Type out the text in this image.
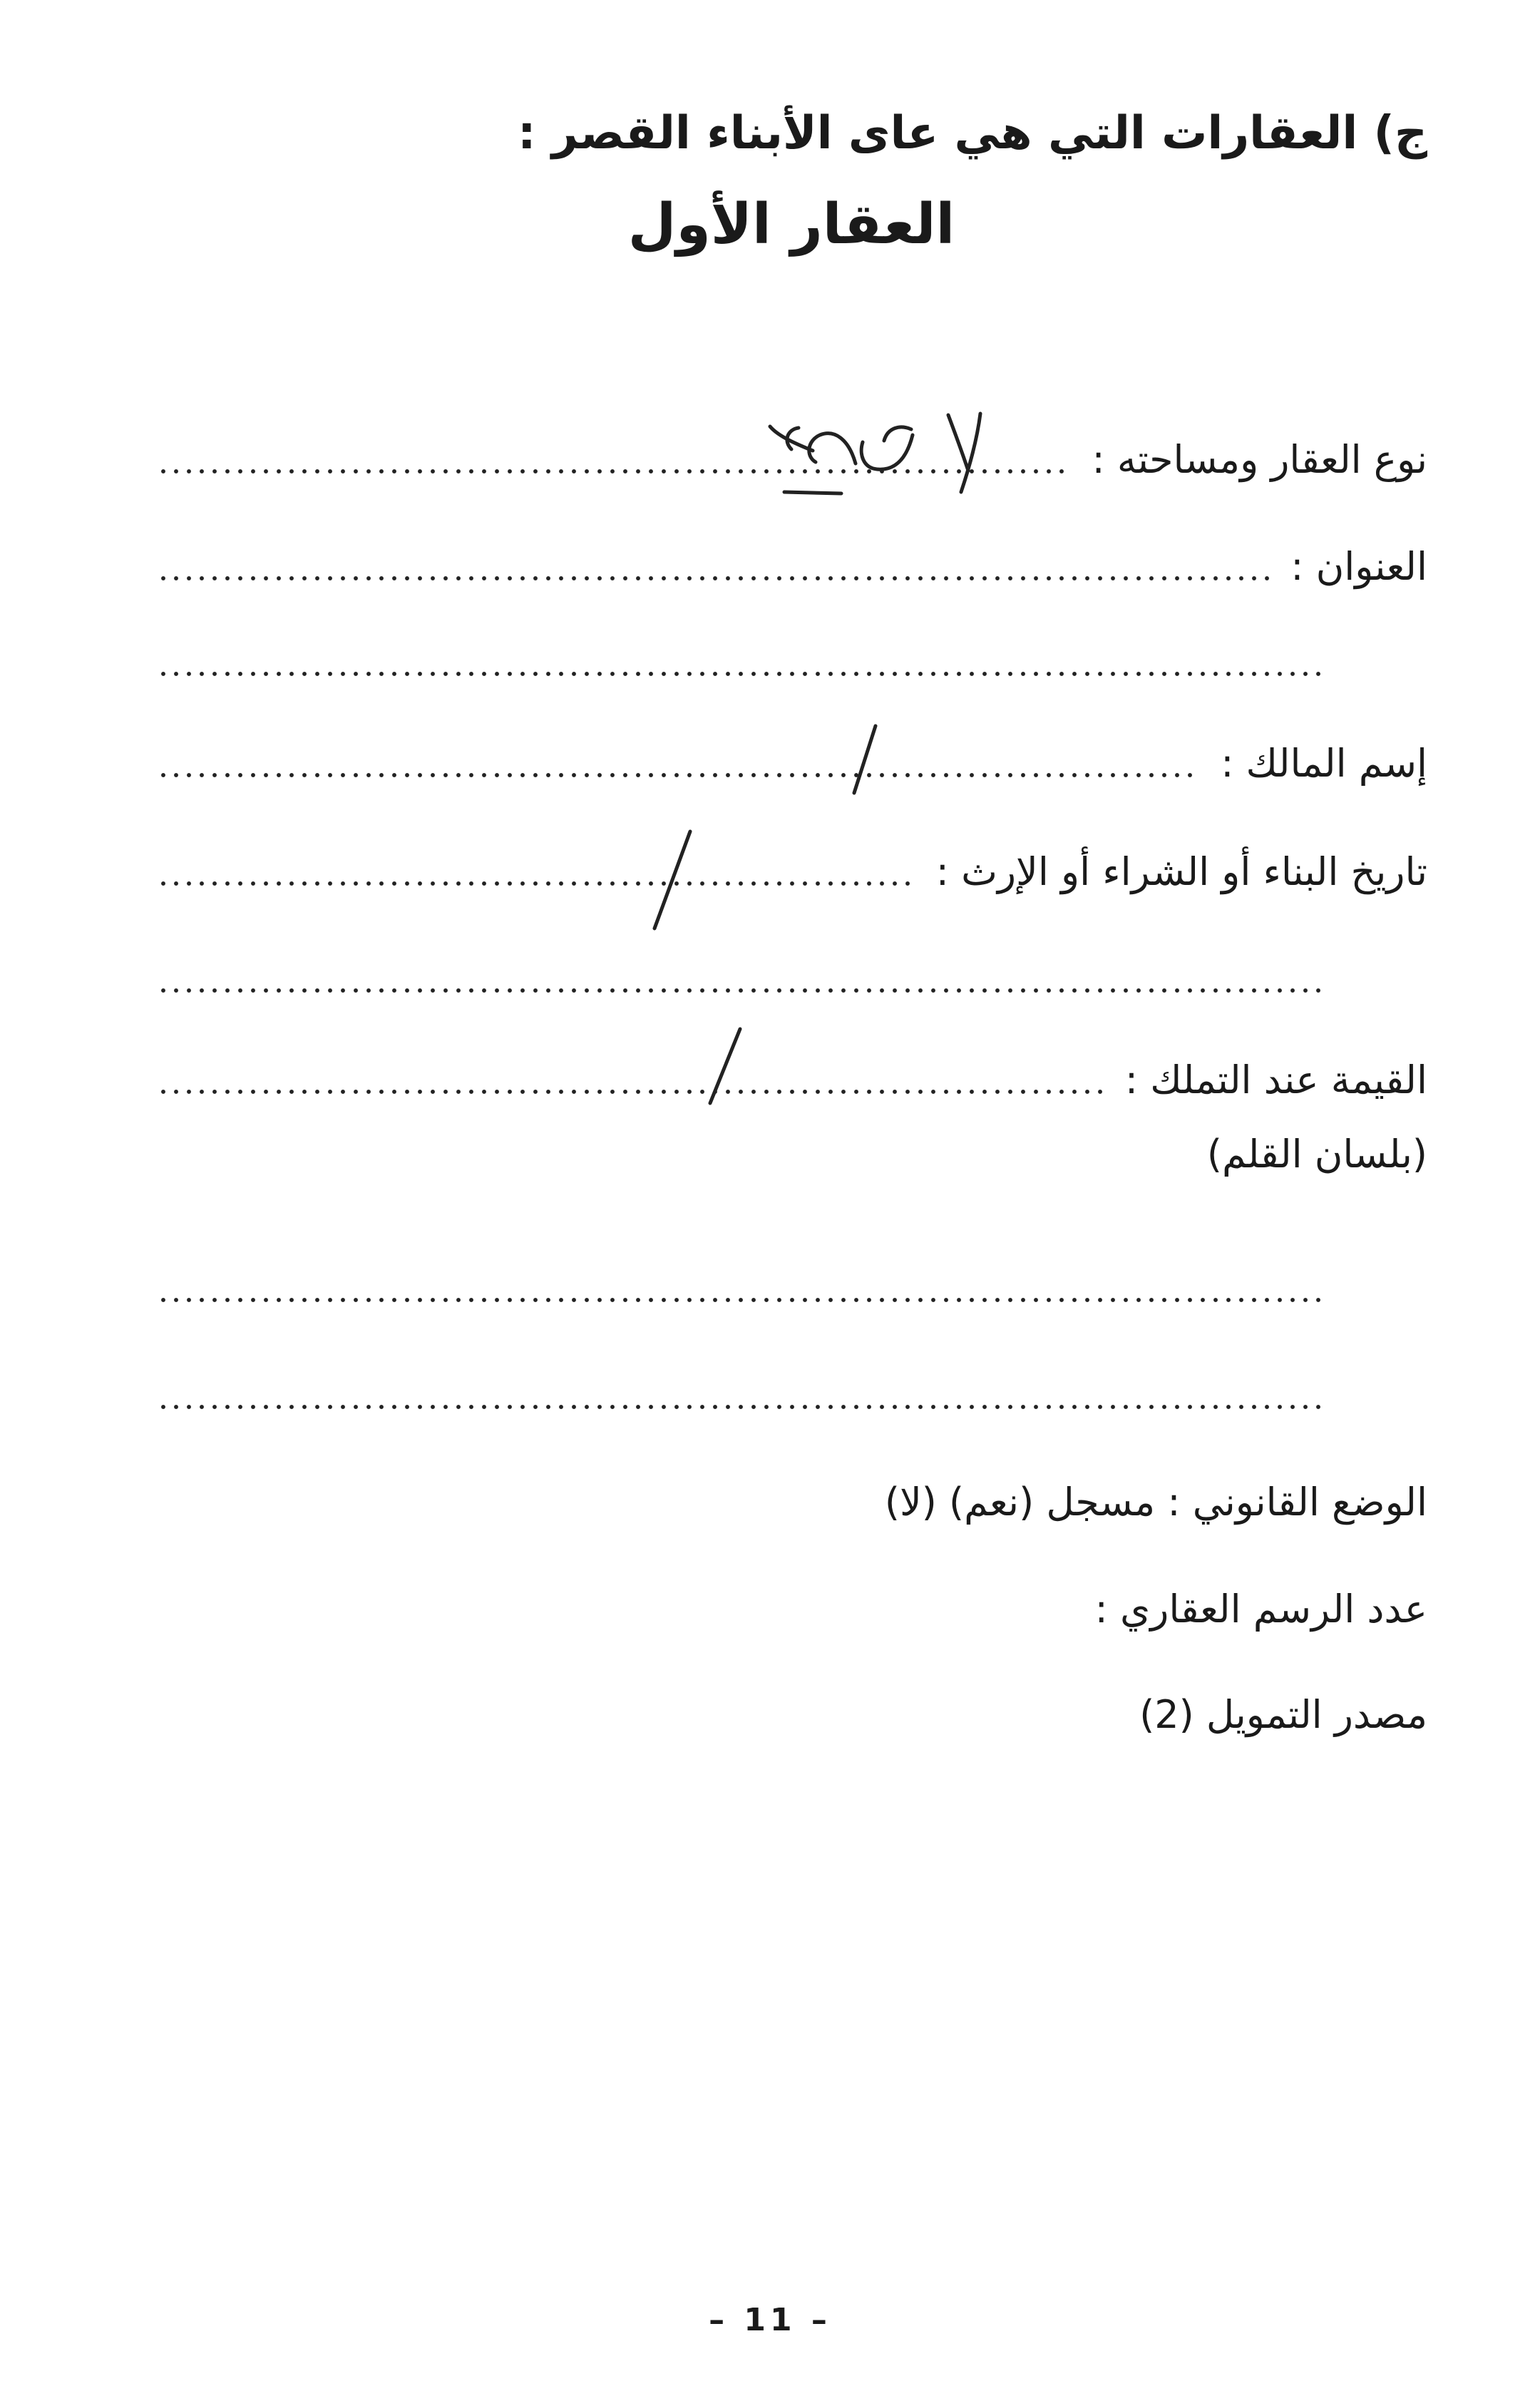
ج) العقارات التي هي عاى الأبناء القصر :
العقار الأول
نوع العقار ومساحته :
العنوان :
إسم المالك :
تاريخ البناء أو الشراء أو الإرث :
القيمة عند التملك :
(بلسان القلم)
الوضع القانوني : مسجل (نعم) (لا)
عدد الرسم العقاري :
مصدر التمويل (2)
– 11 –
